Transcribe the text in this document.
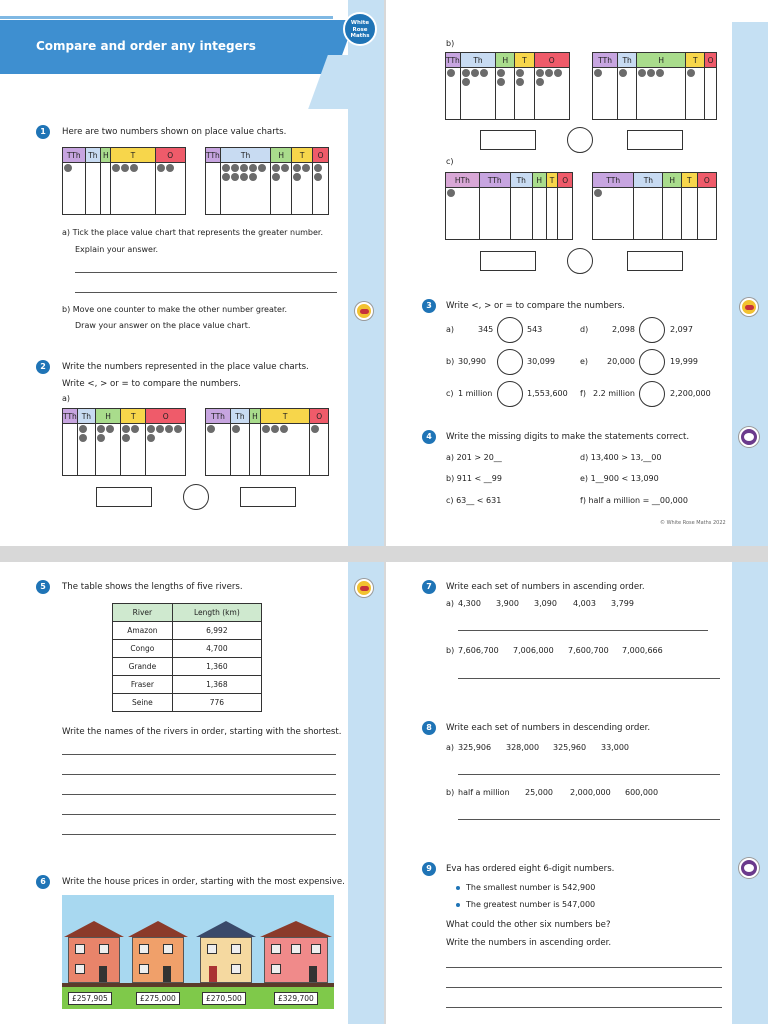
Compare and order any integers
White
Rose
Maths
1	Here are two numbers shown on place value charts.
TTh	Th	H	T	O

		TTh	Th	H	T	O

a) Tick the place value chart that represents the greater number.
Explain your answer.
b) Move one counter to make the other number greater.
Draw your answer on the place value chart.
2	Write the numbers represented in the place value charts.
Write <, > or = to compare the numbers.
a)
TTh	Th	H	T	O

		TTh	Th	H	T	O

b)
TTh	Th	H	T	O

		TTh	Th	H	T	O

c)
HTh	TTh	Th	H	T	O

		TTh	Th	H	T	O

3	Write <, > or = to compare the numbers.
a)	345	543	d)	2,098	2,097
b) 30,990	30,099	e) 20,000	19,999
c) 1 million	1,553,600 f) 2.2 million	2,200,000
4	Write the missing digits to make the statements correct.
a) 201 > 20__	d) 13,400 > 13,__00
b) 911 < __99	e) 1__900 < 13,090
c) 63__ < 631	f) half a million = __00,000
© White Rose Maths 2022
5	The table shows the lengths of five rivers.
River	Length (km)
Amazon	6,992
Congo	4,700
Grande	1,360
Fraser	1,368
Seine	776
Write the names of the rivers in order, starting with the shortest.
6	Write the house prices in order, starting with the most expensive.
£257,905	£275,000	£270,500	£329,700
7	Write each set of numbers in ascending order.
a) 4,300 3,900 3,090 4,003 3,799
b) 7,606,700 7,006,000 7,600,700 7,000,666
8	Write each set of numbers in descending order.
a) 325,906 328,000 325,960 33,000
b) half a million 25,000 2,000,000 600,000
9	Eva has ordered eight 6-digit numbers.
The smallest number is 542,900
The greatest number is 547,000
What could the other six numbers be?
Write the numbers in ascending order.
